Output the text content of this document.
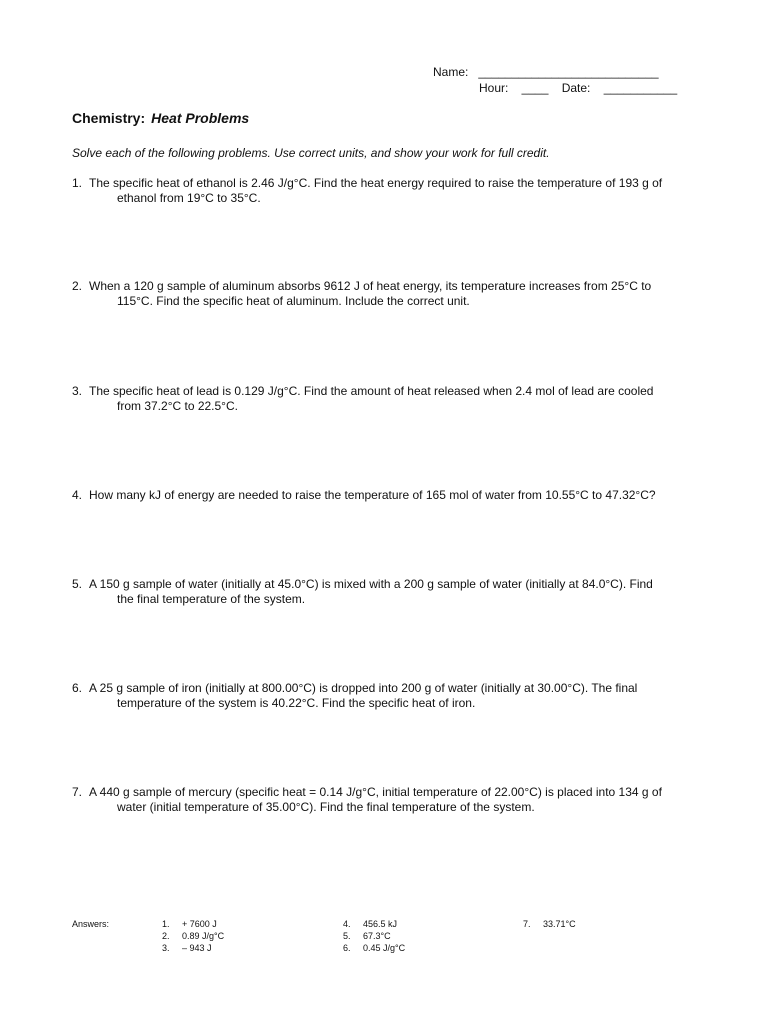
Name:   ___________________________
Hour:    ____    Date:    ___________
Chemistry: Heat Problems
Solve each of the following problems. Use correct units, and show your work for full credit.
1. The specific heat of ethanol is 2.46 J/g°C. Find the heat energy required to raise the temperature of 193 g of
ethanol from 19°C to 35°C.
2. When a 120 g sample of aluminum absorbs 9612 J of heat energy, its temperature increases from 25°C to
115°C. Find the specific heat of aluminum. Include the correct unit.
3. The specific heat of lead is 0.129 J/g°C. Find the amount of heat released when 2.4 mol of lead are cooled
from 37.2°C to 22.5°C.
4. How many kJ of energy are needed to raise the temperature of 165 mol of water from 10.55°C to 47.32°C?
5. A 150 g sample of water (initially at 45.0°C) is mixed with a 200 g sample of water (initially at 84.0°C). Find
the final temperature of the system.
6. A 25 g sample of iron (initially at 800.00°C) is dropped into 200 g of water (initially at 30.00°C). The final
temperature of the system is 40.22°C. Find the specific heat of iron.
7. A 440 g sample of mercury (specific heat = 0.14 J/g°C, initial temperature of 22.00°C) is placed into 134 g of
water (initial temperature of 35.00°C). Find the final temperature of the system.
Answers:	1. + 7600 J
2. 0.89 J/g°C
3. – 943 J
4. 456.5 kJ
5. 67.3°C
6. 0.45 J/g°C
7. 33.71°C
